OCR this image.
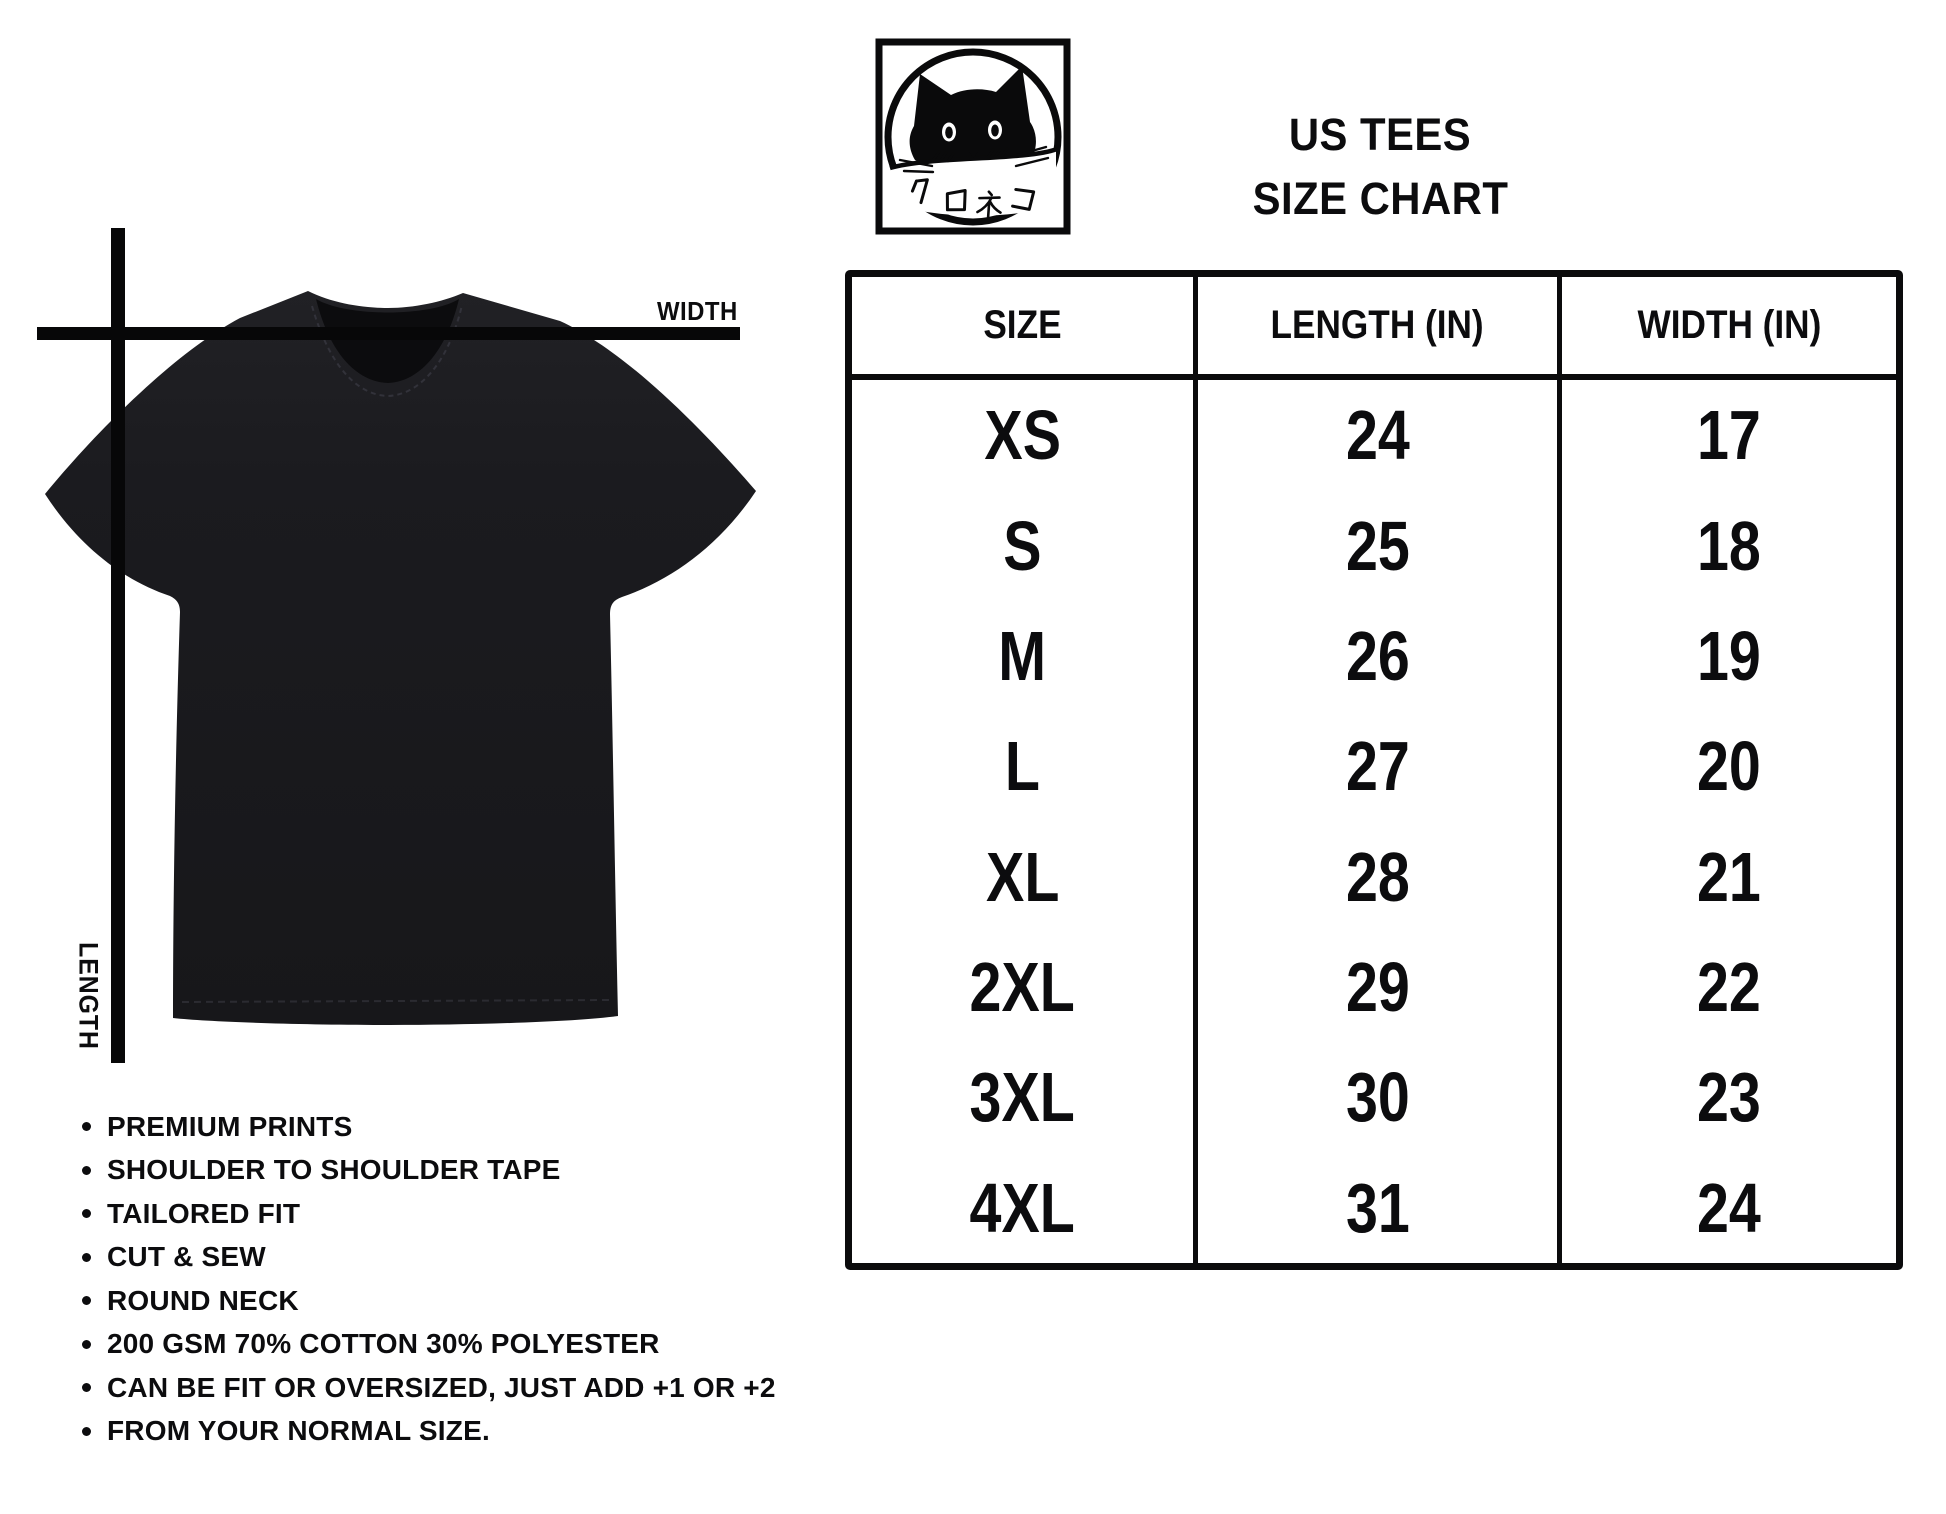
WIDTH
LENGTH
US TEES
SIZE CHART
SIZE	LENGTH (IN)	WIDTH (IN)
XS	24	17
S	25	18
M	26	19
L	27	20
XL	28	21
2XL	29	22
3XL	30	23
4XL	31	24
PREMIUM PRINTS
SHOULDER TO SHOULDER TAPE
TAILORED FIT
CUT & SEW
ROUND NECK
200 GSM 70% COTTON 30% POLYESTER
CAN BE FIT OR OVERSIZED, JUST ADD +1 OR +2
FROM YOUR NORMAL SIZE.
